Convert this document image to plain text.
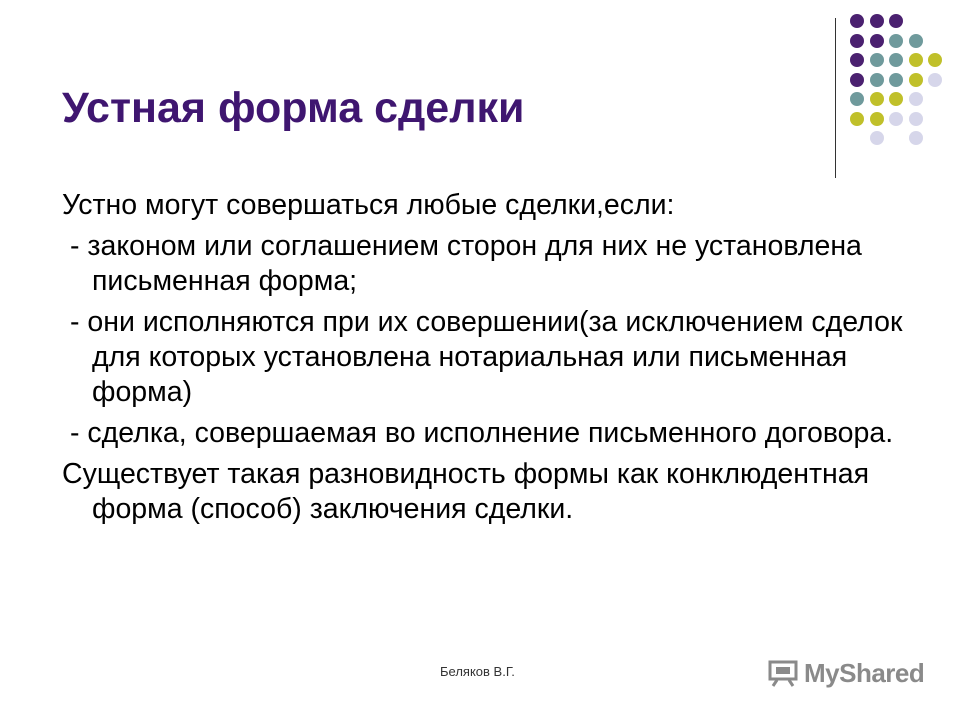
Устная форма сделки

Устно могут совершаться любые сделки,если:

- законом или соглашением сторон для них не установлена письменная форма;

- они исполняются при их совершении(за исключением сделок для которых установлена нотариальная или письменная форма)

- сделка, совершаемая во исполнение письменного договора.

Существует такая разновидность формы как конклюдентная форма (способ) заключения сделки.

Беляков В.Г.	MyShared
